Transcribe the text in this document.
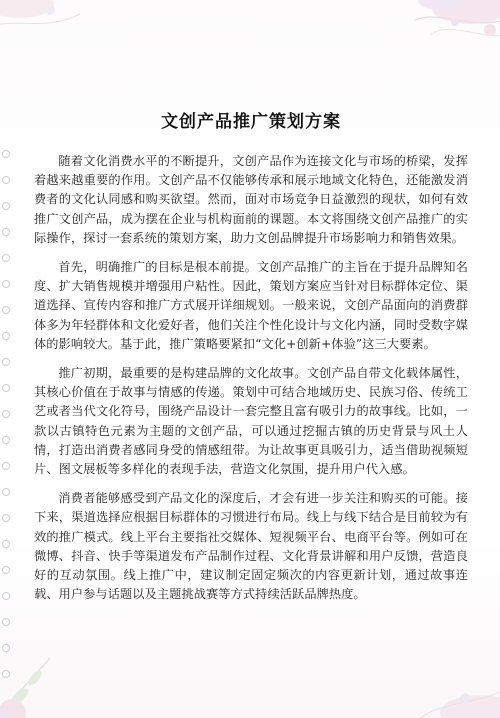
文创产品推广策划方案

随着文化消费水平的不断提升，文创产品作为连接文化与市场的桥梁，发挥着越来越重要的作用。文创产品不仅能够传承和展示地域文化特色，还能激发消费者的文化认同感和购买欲望。然而，面对市场竞争日益激烈的现状，如何有效推广文创产品，成为摆在企业与机构面前的课题。本文将围绕文创产品推广的实际操作，探讨一套系统的策划方案，助力文创品牌提升市场影响力和销售效果。

首先，明确推广的目标是根本前提。文创产品推广的主旨在于提升品牌知名度、扩大销售规模并增强用户粘性。因此，策划方案应当针对目标群体定位、渠道选择、宣传内容和推广方式展开详细规划。一般来说，文创产品面向的消费群体多为年轻群体和文化爱好者，他们关注个性化设计与文化内涵，同时受数字媒体的影响较大。基于此，推广策略要紧扣“文化+创新+体验”这三大要素。

推广初期，最重要的是构建品牌的文化故事。文创产品自带文化载体属性，其核心价值在于故事与情感的传递。策划中可结合地域历史、民族习俗、传统工艺或者当代文化符号，围绕产品设计一套完整且富有吸引力的故事线。比如，一款以古镇特色元素为主题的文创产品，可以通过挖掘古镇的历史背景与风土人情，打造出消费者感同身受的情感纽带。为让故事更具吸引力，适当借助视频短片、图文展板等多样化的表现手法，营造文化氛围，提升用户代入感。

消费者能够感受到产品文化的深度后，才会有进一步关注和购买的可能。接下来，渠道选择应根据目标群体的习惯进行布局。线上与线下结合是目前较为有效的推广模式。线上平台主要指社交媒体、短视频平台、电商平台等。例如可在微博、抖音、快手等渠道发布产品制作过程、文化背景讲解和用户反馈，营造良好的互动氛围。线上推广中，建议制定固定频次的内容更新计划，通过故事连载、用户参与话题以及主题挑战赛等方式持续活跃品牌热度。
